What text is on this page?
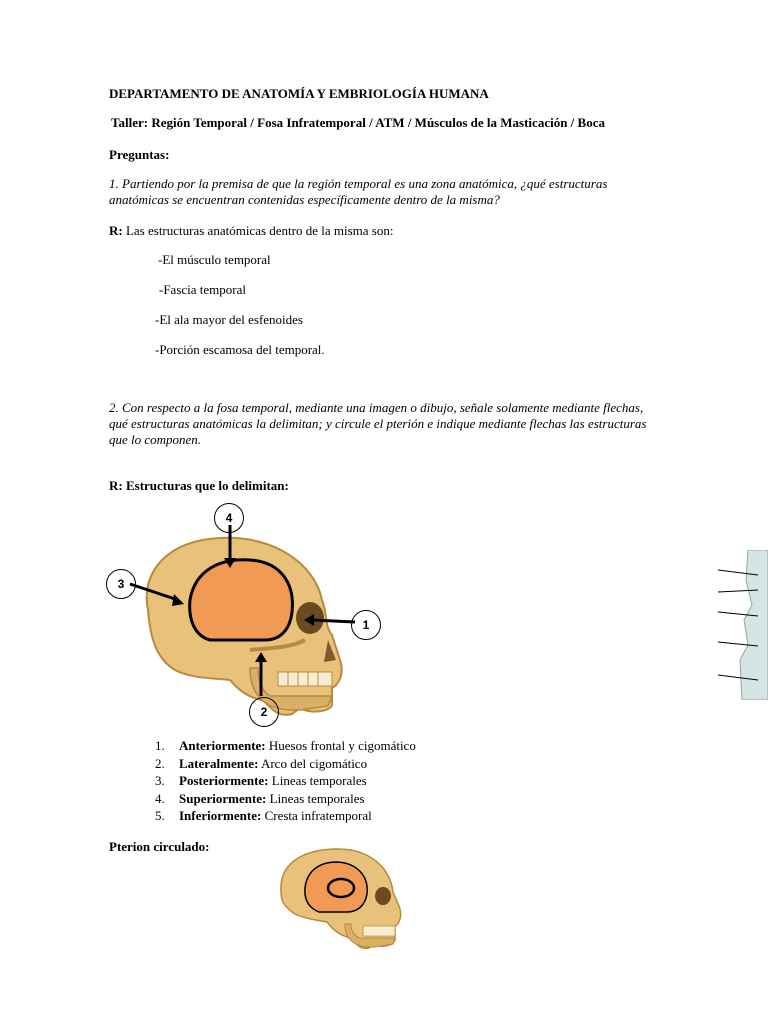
DEPARTAMENTO DE ANATOMÍA Y EMBRIOLOGÍA HUMANA
Taller: Región Temporal / Fosa Infratemporal / ATM / Músculos de la Masticación / Boca
Preguntas:
1. Partiendo por la premisa de que la región temporal es una zona anatómica, ¿qué estructuras anatómicas se encuentran contenidas específicamente dentro de la misma?
R: Las estructuras anatómicas dentro de la misma son:
-El músculo temporal
-Fascia temporal
-El ala mayor del esfenoides
-Porción escamosa del temporal.
2. Con respecto a la fosa temporal, mediante una imagen o dibujo, señale solamente mediante flechas, qué estructuras anatómicas la delimitan; y circule el pterión e indique mediante flechas las estructuras que lo componen.
R: Estructuras que lo delimitan:
4
3
1
2
1. Anteriormente: Huesos frontal y cigomático
2. Lateralmente: Arco del cigomático
3. Posteriormente: Lineas temporales
4. Superiormente: Lineas temporales
5. Inferiormente: Cresta infratemporal
Pterion circulado:
